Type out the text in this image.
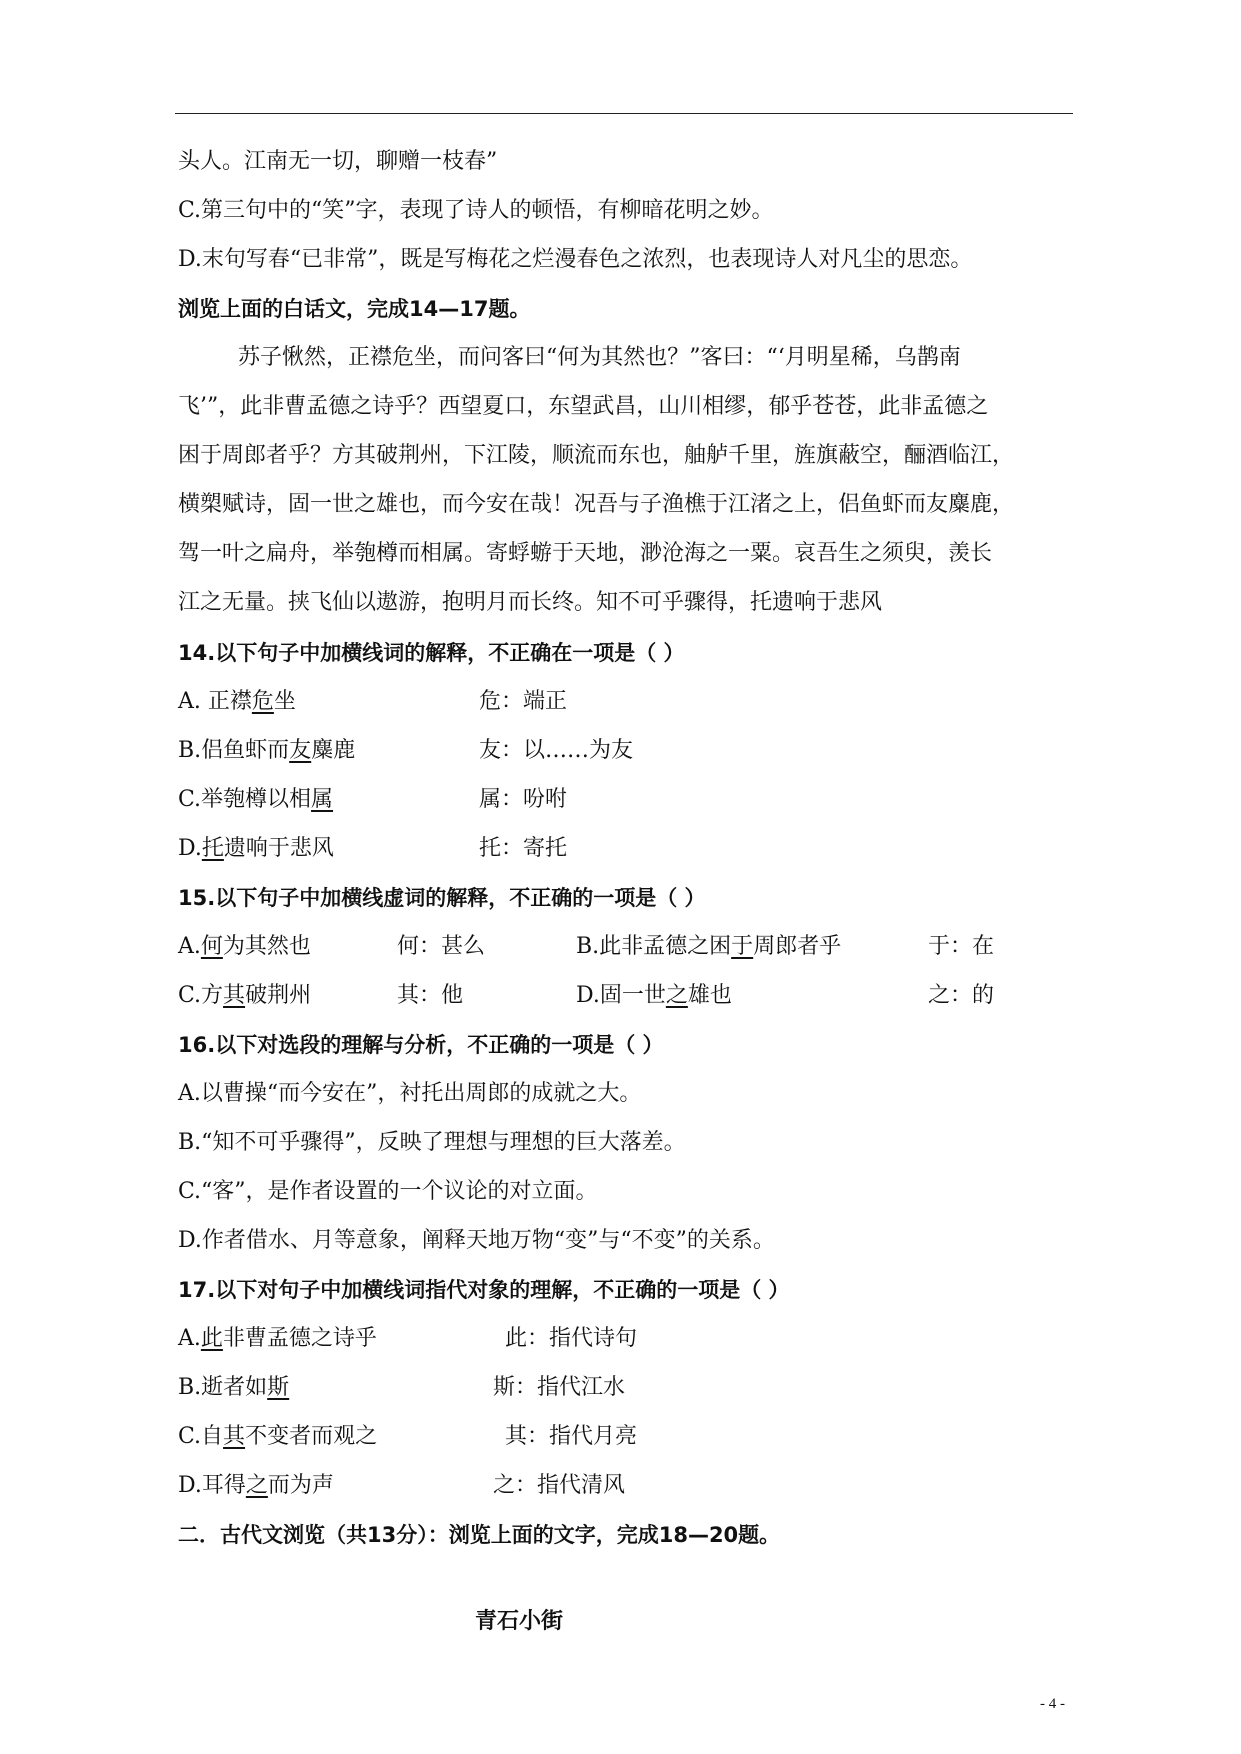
头人。江南无一切，聊赠一枝春”
C.第三句中的“笑”字，表现了诗人的顿悟，有柳暗花明之妙。
D.末句写春“已非常”，既是写梅花之烂漫春色之浓烈，也表现诗人对凡尘的思恋。
浏览上面的白话文，完成14—17题。
苏子愀然，正襟危坐，而问客曰“何为其然也？”客曰：“‘月明星稀，乌鹊南
飞’”，此非曹孟德之诗乎？西望夏口，东望武昌，山川相缪，郁乎苍苍，此非孟德之
困于周郎者乎？方其破荆州，下江陵，顺流而东也，舳舻千里，旌旗蔽空，酾酒临江，
横槊赋诗，固一世之雄也，而今安在哉！况吾与子渔樵于江渚之上，侣鱼虾而友麋鹿，
驾一叶之扁舟，举匏樽而相属。寄蜉蝣于天地，渺沧海之一粟。哀吾生之须臾，羡长
江之无量。挟飞仙以遨游，抱明月而长终。知不可乎骤得，托遗响于悲风
14.以下句子中加横线词的解释，不正确在一项是（ ）
A. 正襟危坐	危：端正
B.侣鱼虾而友麋鹿	友：以……为友
C.举匏樽以相属	属：吩咐
D.托遗响于悲风	托：寄托
15.以下句子中加横线虚词的解释，不正确的一项是（ ）
A.何为其然也	何：甚么	B.此非孟德之困于周郎者乎	于：在
C.方其破荆州	其：他	D.固一世之雄也	之：的
16.以下对选段的理解与分析，不正确的一项是（ ）
A.以曹操“而今安在”，衬托出周郎的成就之大。
B.“知不可乎骤得”，反映了理想与理想的巨大落差。
C.“客”，是作者设置的一个议论的对立面。
D.作者借水、月等意象，阐释天地万物“变”与“不变”的关系。
17.以下对句子中加横线词指代对象的理解，不正确的一项是（ ）
A.此非曹孟德之诗乎	此：指代诗句
B.逝者如斯	斯：指代江水
C.自其不变者而观之	其：指代月亮
D.耳得之而为声	之：指代清风
二．古代文浏览（共13分）：浏览上面的文字，完成18—20题。
青石小街
- 4 -
